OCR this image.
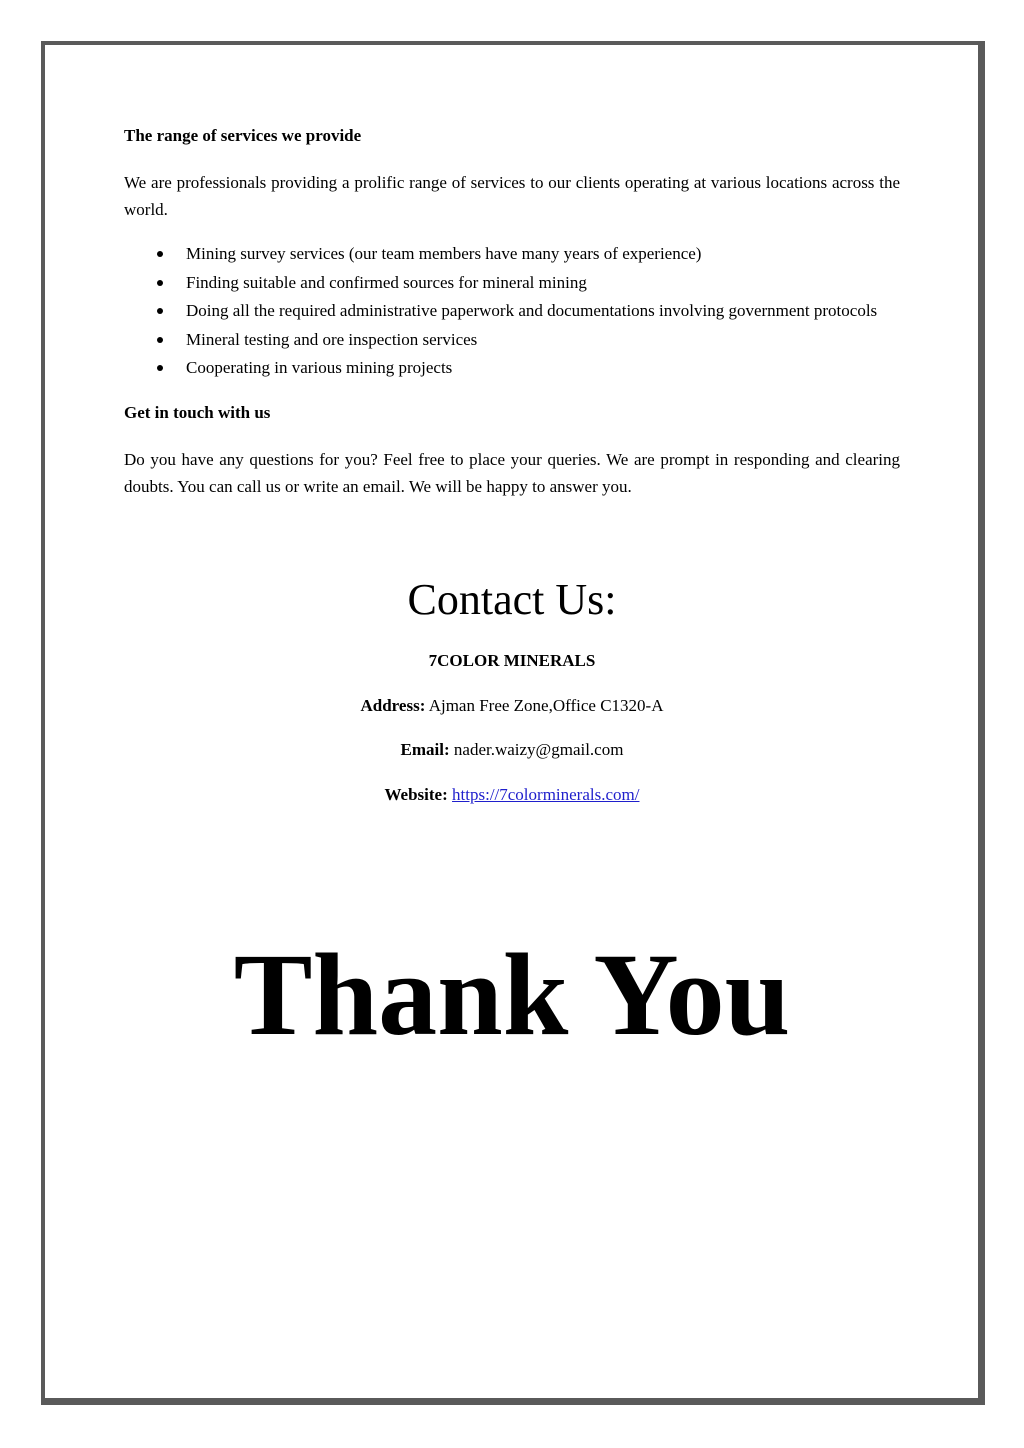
The range of services we provide

We are professionals providing a prolific range of services to our clients operating at various locations across the world.

Mining survey services (our team members have many years of experience)
Finding suitable and confirmed sources for mineral mining
Doing all the required administrative paperwork and documentations involving government protocols
Mineral testing and ore inspection services
Cooperating in various mining projects

Get in touch with us

Do you have any questions for you? Feel free to place your queries. We are prompt in responding and clearing doubts. You can call us or write an email. We will be happy to answer you.

Contact Us:

7COLOR MINERALS

Address: Ajman Free Zone,Office C1320-A

Email: nader.waizy@gmail.com

Website: https://7colorminerals.com/

Thank You
